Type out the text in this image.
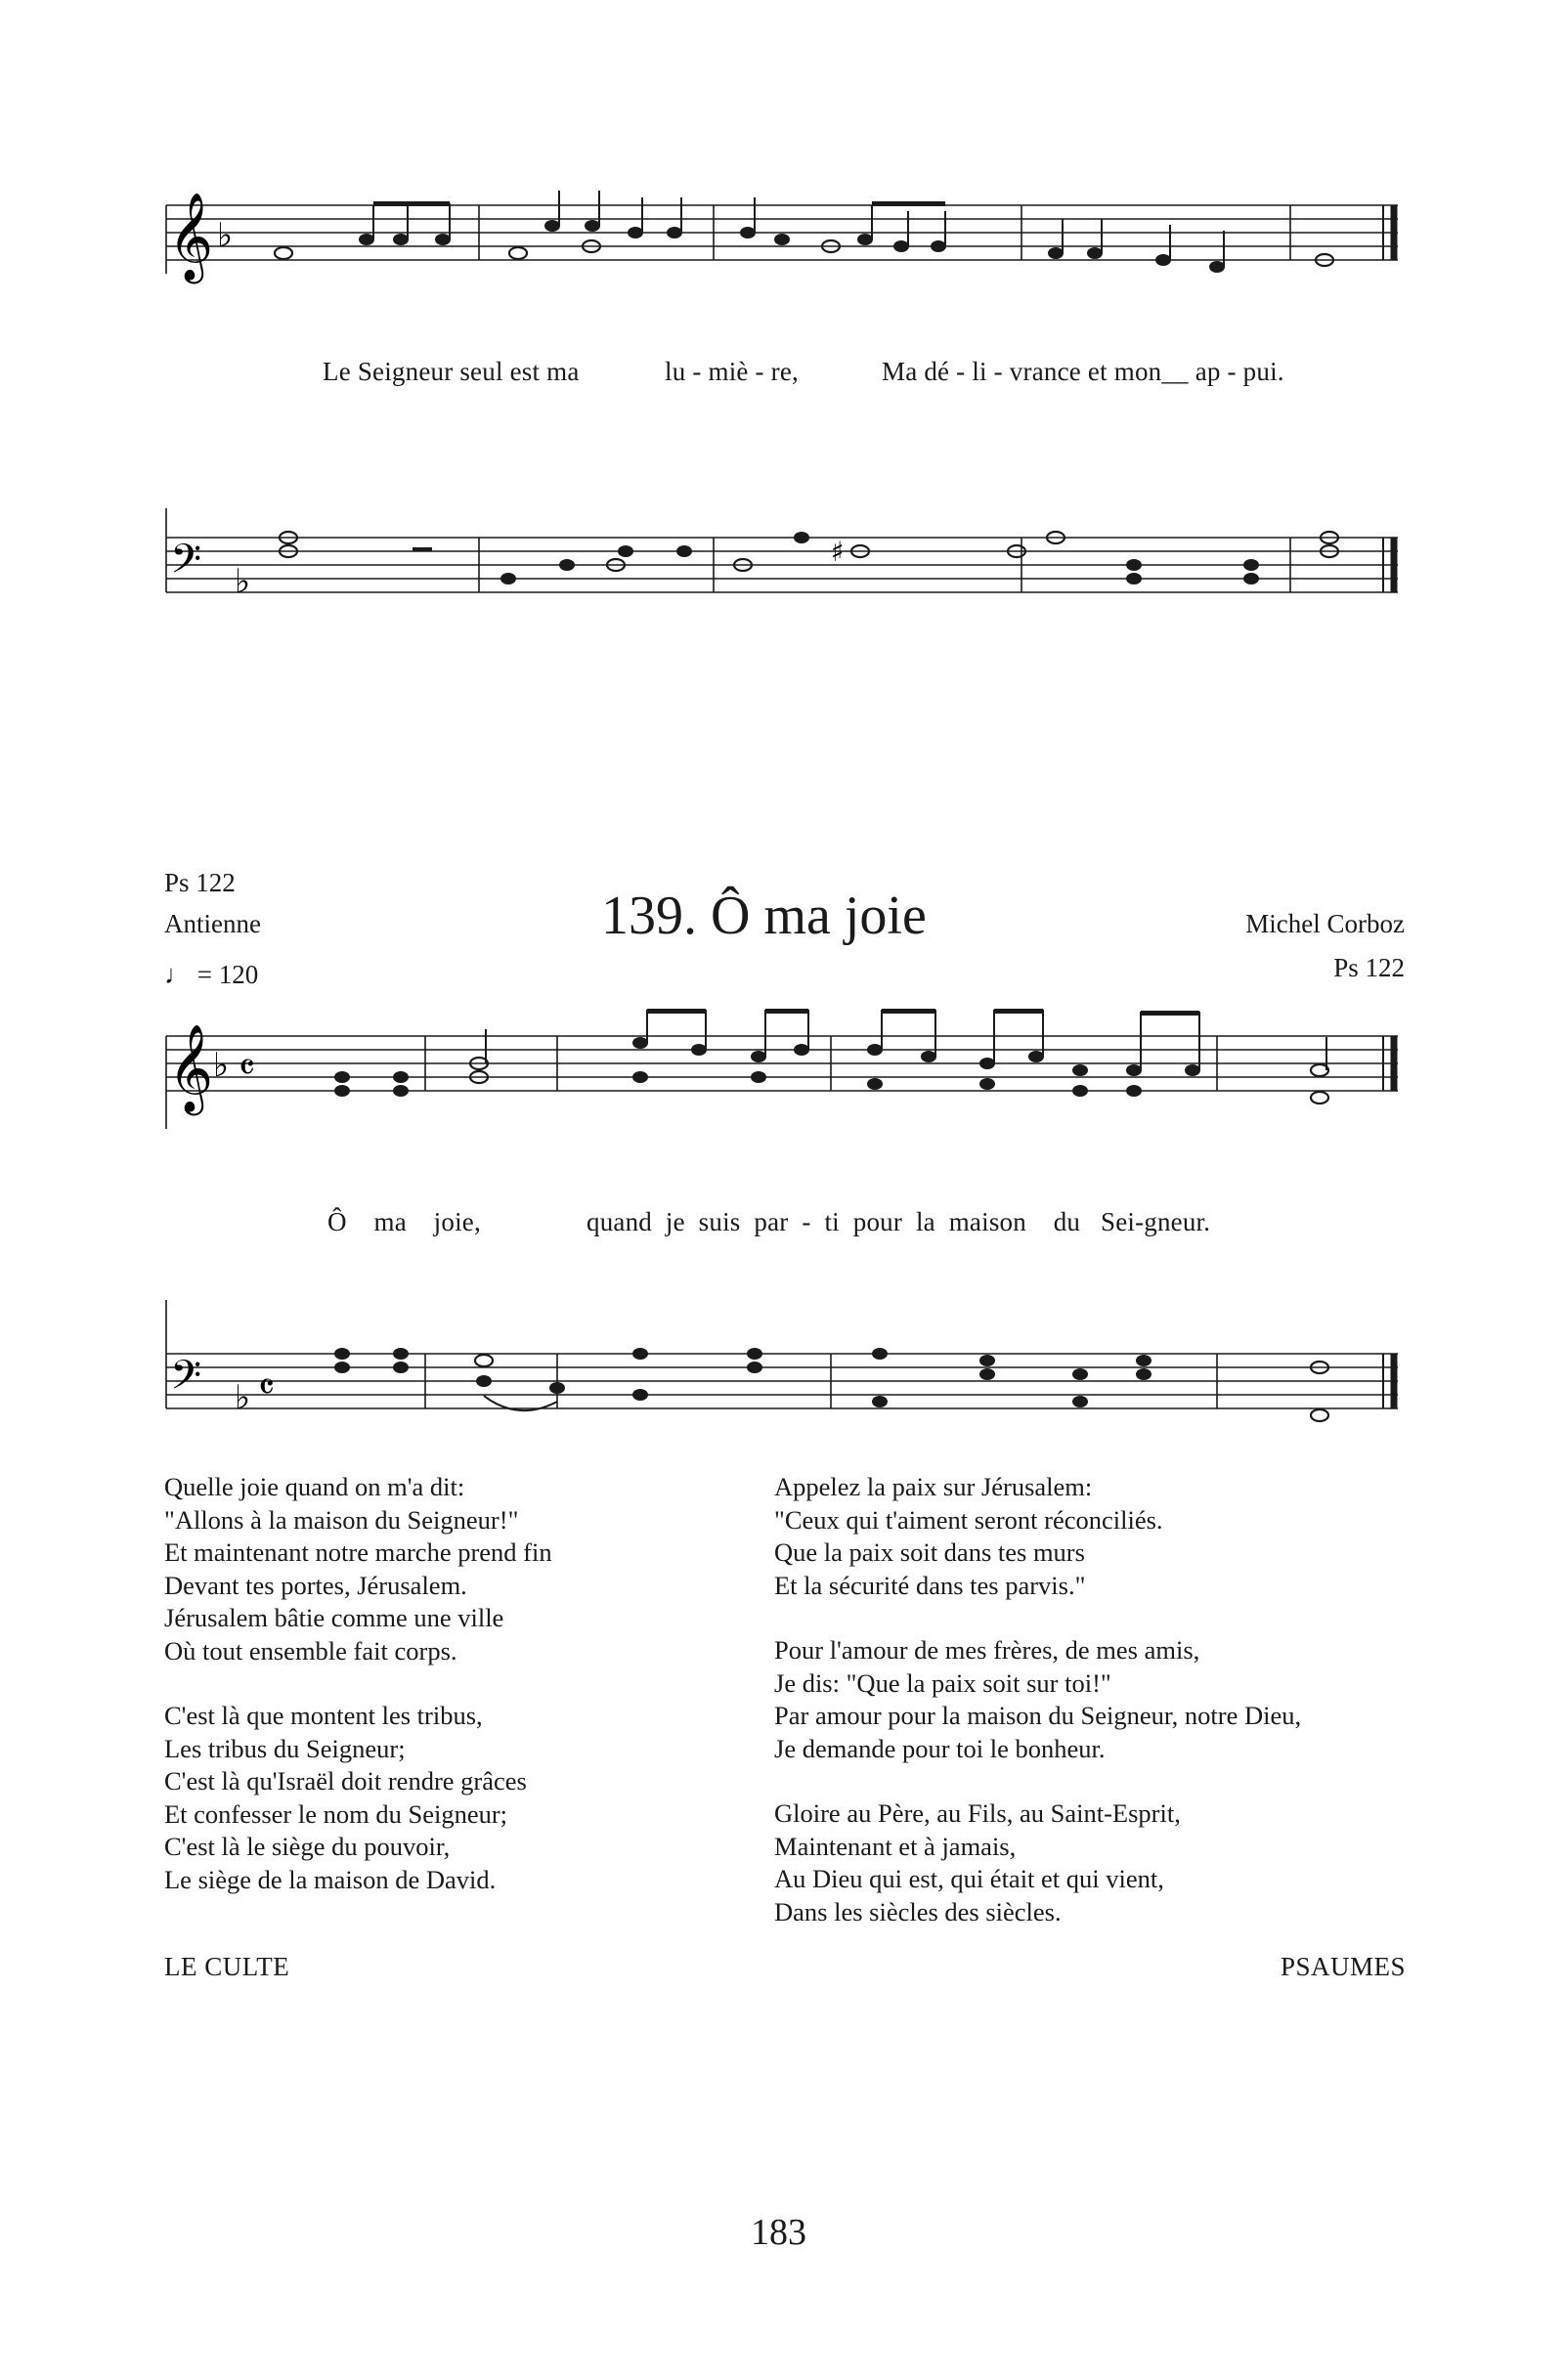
𝄞 ♭
Le Seigneur seul est ma	lu - miè - re,	Ma dé - li - vrance et mon__ ap - pui.
𝄢 ♭
♯
Ps 122
Antienne
♩ = 120
139. Ô ma joie	Michel Corboz
Ps 122
𝄞 ♭ 𝄴
Ô    ma    joie,	quand  je  suis  par  -  ti  pour  la  maison    du   Sei-gneur.
𝄢 ♭ 𝄴

Quelle joie quand on m'a dit:
"Allons à la maison du Seigneur!"
Et maintenant notre marche prend fin
Devant tes portes, Jérusalem.
Jérusalem bâtie comme une ville
Où tout ensemble fait corps.

C'est là que montent les tribus,
Les tribus du Seigneur;
C'est là qu'Israël doit rendre grâces
Et confesser le nom du Seigneur;
C'est là le siège du pouvoir,
Le siège de la maison de David.

Appelez la paix sur Jérusalem:
"Ceux qui t'aiment seront réconciliés.
Que la paix soit dans tes murs
Et la sécurité dans tes parvis."

Pour l'amour de mes frères, de mes amis,
Je dis: "Que la paix soit sur toi!"
Par amour pour la maison du Seigneur, notre Dieu,
Je demande pour toi le bonheur.

Gloire au Père, au Fils, au Saint-Esprit,
Maintenant et à jamais,
Au Dieu qui est, qui était et qui vient,
Dans les siècles des siècles.

LE CULTE	PSAUMES
183
